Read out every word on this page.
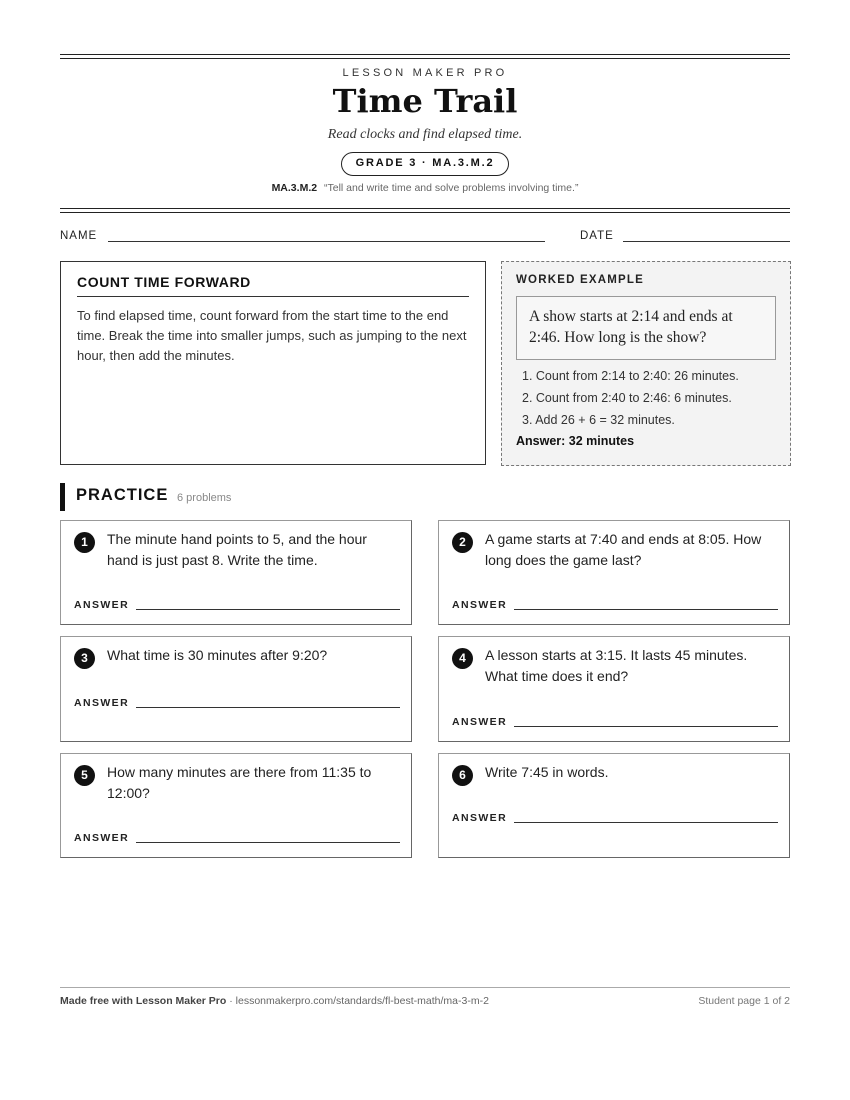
LESSON MAKER PRO
Time Trail
Read clocks and find elapsed time.
GRADE 3 · MA.3.M.2
MA.3.M.2 “Tell and write time and solve problems involving time.”
NAME	DATE
COUNT TIME FORWARD
To find elapsed time, count forward from the start time to the end time. Break the time into smaller jumps, such as jumping to the next hour, then add the minutes.
WORKED EXAMPLE
A show starts at 2:14 and ends at 2:46. How long is the show?
1. Count from 2:14 to 2:40: 26 minutes.
2. Count from 2:40 to 2:46: 6 minutes.
3. Add 26 + 6 = 32 minutes.
Answer: 32 minutes
PRACTICE 6 problems
1	The minute hand points to 5, and the hour hand is just past 8. Write the time.
ANSWER
2	A game starts at 7:40 and ends at 8:05. How long does the game last?
ANSWER
3	What time is 30 minutes after 9:20?
ANSWER
4	A lesson starts at 3:15. It lasts 45 minutes. What time does it end?
ANSWER
5	How many minutes are there from 11:35 to 12:00?
ANSWER
6	Write 7:45 in words.
ANSWER
Made free with Lesson Maker Pro · lessonmakerpro.com/standards/fl-best-math/ma-3-m-2	Student page 1 of 2
